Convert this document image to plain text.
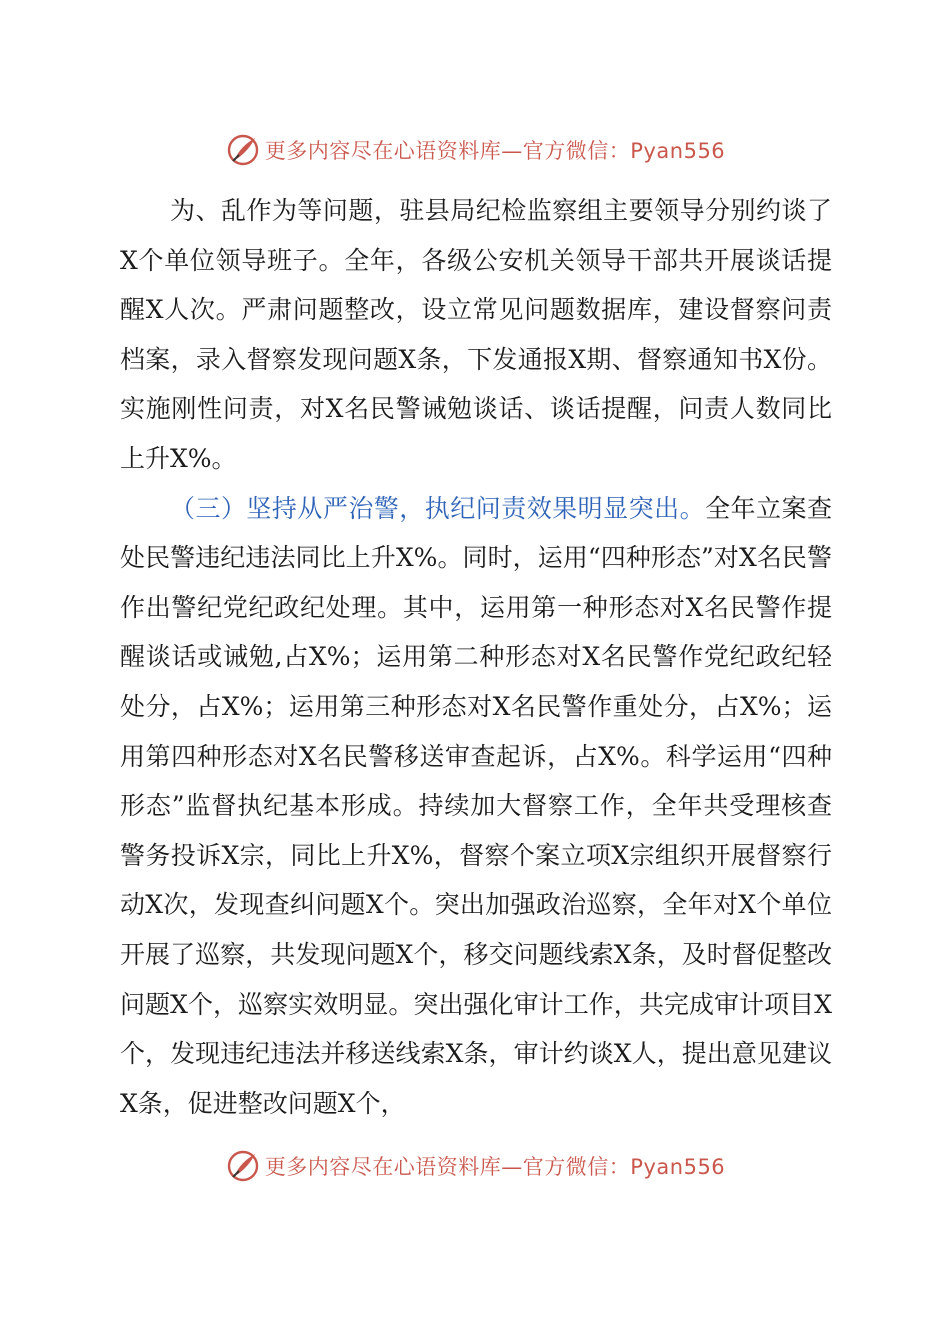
更多内容尽在心语资料库—官方微信：Pyan556

为、乱作为等问题，驻县局纪检监察组主要领导分别约谈了X个单位领导班子。全年，各级公安机关领导干部共开展谈话提醒X人次。严肃问题整改，设立常见问题数据库，建设督察问责档案，录入督察发现问题X条，下发通报X期、督察通知书X份。实施刚性问责，对X名民警诫勉谈话、谈话提醒，问责人数同比上升X%。

（三）坚持从严治警，执纪问责效果明显突出。全年立案查处民警违纪违法同比上升X%。同时，运用“四种形态”对X名民警作出警纪党纪政纪处理。其中，运用第一种形态对X名民警作提醒谈话或诫勉,占X%；运用第二种形态对X名民警作党纪政纪轻处分，占X%；运用第三种形态对X名民警作重处分，占X%；运用第四种形态对X名民警移送审查起诉，占X%。科学运用“四种形态”监督执纪基本形成。持续加大督察工作，全年共受理核查警务投诉X宗，同比上升X%，督察个案立项X宗组织开展督察行动X次，发现查纠问题X个。突出加强政治巡察，全年对X个单位开展了巡察，共发现问题X个，移交问题线索X条，及时督促整改问题X个，巡察实效明显。突出强化审计工作，共完成审计项目X个，发现违纪违法并移送线索X条，审计约谈X人，提出意见建议X条，促进整改问题X个，

更多内容尽在心语资料库—官方微信：Pyan556
